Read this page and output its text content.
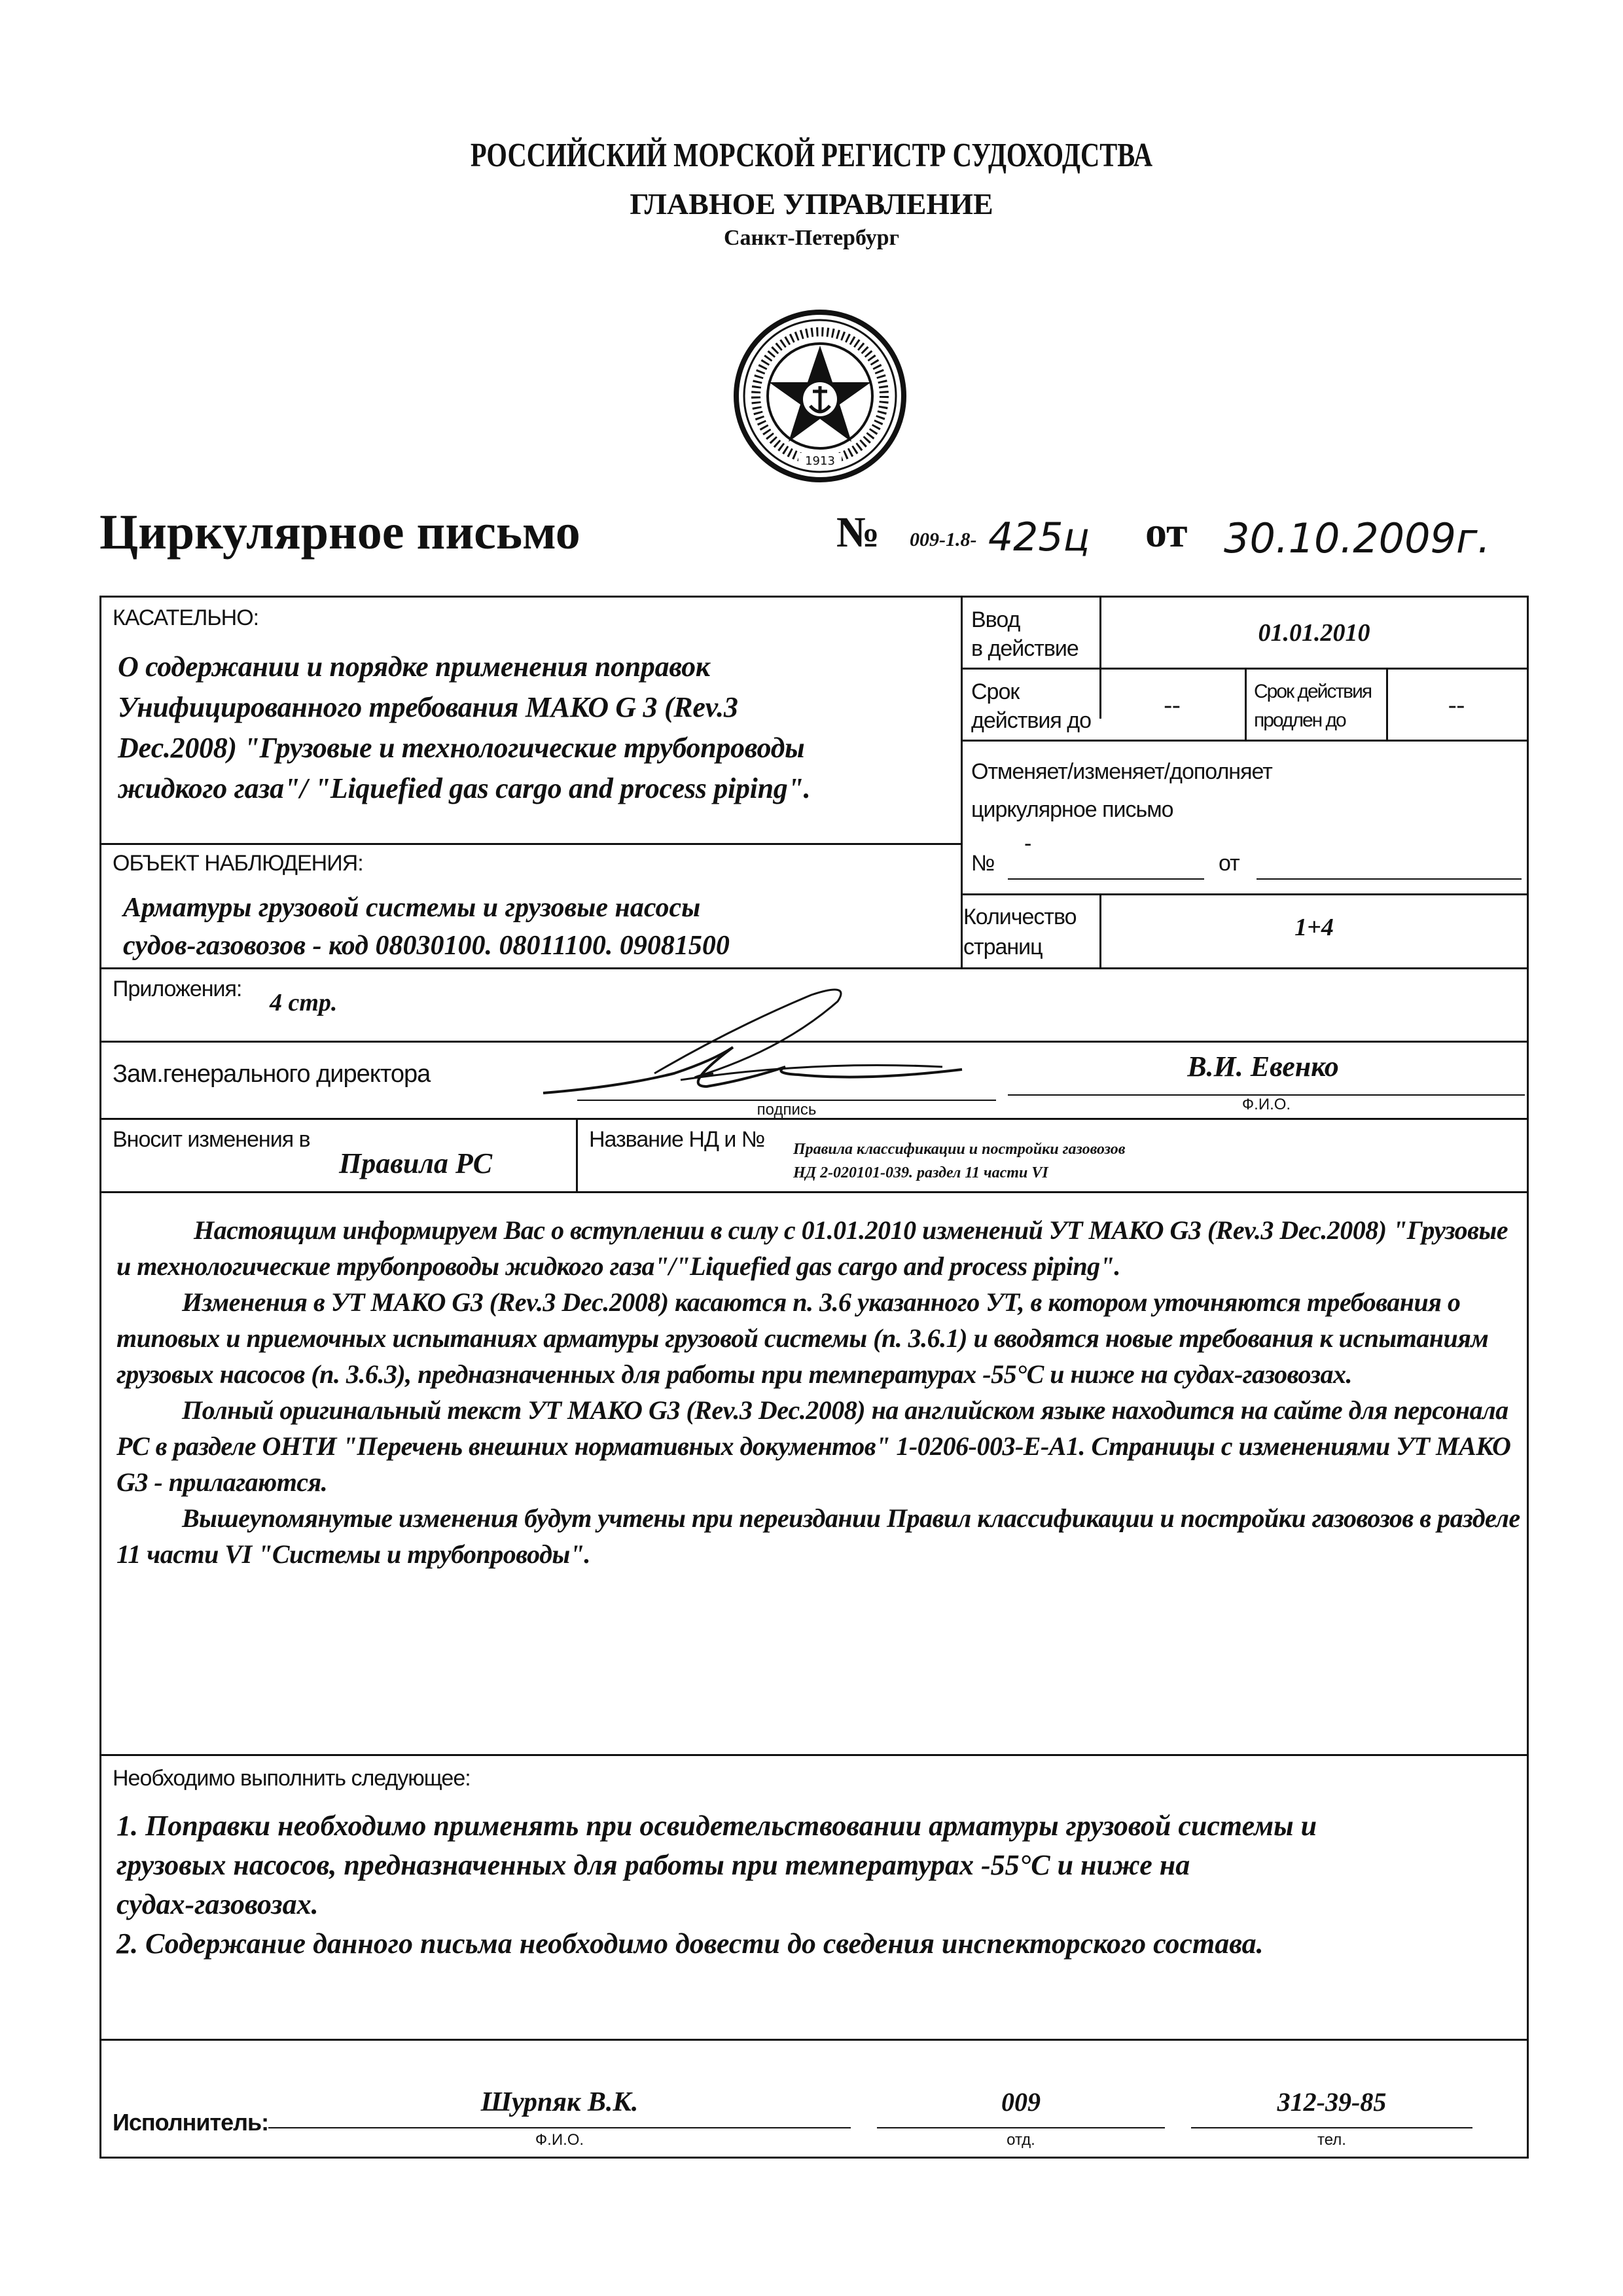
РОССИЙСКИЙ МОРСКОЙ РЕГИСТР СУДОХОДСТВА
ГЛАВНОЕ УПРАВЛЕНИЕ
Санкт-Петербург
1913
Циркулярное письмо	№ 009-1.8- 425ц от 30.10.2009г.
КАСАТЕЛЬНО:
О содержании и порядке применения поправок
Унифицированного требования МАКО G 3 (Rev.3
Dec.2008) "Грузовые и технологические трубопроводы
жидкого газа"/ "Liquefied gas cargo and process piping".
Ввод
в действие
01.01.2010
Срок
действия до
--	Срок действия
продлен до
--
Отменяет/изменяет/дополняет
циркулярное письмо
№
-
от
ОБЪЕКТ НАБЛЮДЕНИЯ:
Арматуры грузовой системы и грузовые насосы
судов-газовозов - код 08030100. 08011100. 09081500
Количество
страниц
1+4
Приложения: 4 стр.
Зам.генерального директора
подпись
В.И. Евенко
Ф.И.О.
Вносит изменения в
Правила РС
Название НД и № Правила классификации и постройки газовозов
НД 2-020101-039. раздел 11 части VI

Настоящим информируем Вас о вступлении в силу с 01.01.2010 изменений УТ МАКО G3 (Rev.3 Dec.2008) "Грузовые и технологические трубопроводы жидкого газа"/"Liquefied gas cargo and process piping".

Изменения в УТ МАКО G3 (Rev.3 Dec.2008) касаются п. 3.6 указанного УТ, в котором уточняются требования о типовых и приемочных испытаниях арматуры грузовой системы (п. 3.6.1) и вводятся новые требования к испытаниям грузовых насосов (п. 3.6.3), предназначенных для работы при температурах -55°С и ниже на судах-газовозах.

Полный оригинальный текст УТ МАКО G3 (Rev.3 Dec.2008) на английском языке находится на сайте для персонала РС в разделе ОНТИ "Перечень внешних нормативных документов" 1-0206-003-E-A1. Страницы с изменениями УТ МАКО G3 - прилагаются.

Вышеупомянутые изменения будут учтены при переиздании Правил классификации и постройки газовозов в разделе 11 части VI "Системы и трубопроводы".

Необходимо выполнить следующее:
1. Поправки необходимо применять при освидетельствовании арматуры грузовой системы и
грузовых насосов, предназначенных для работы при температурах -55°С и ниже на
судах-газовозах.
2. Содержание данного письма необходимо довести до сведения инспекторского состава.
Исполнитель:
Шурпяк В.К.
Ф.И.О.
009
отд.
312-39-85
тел.
